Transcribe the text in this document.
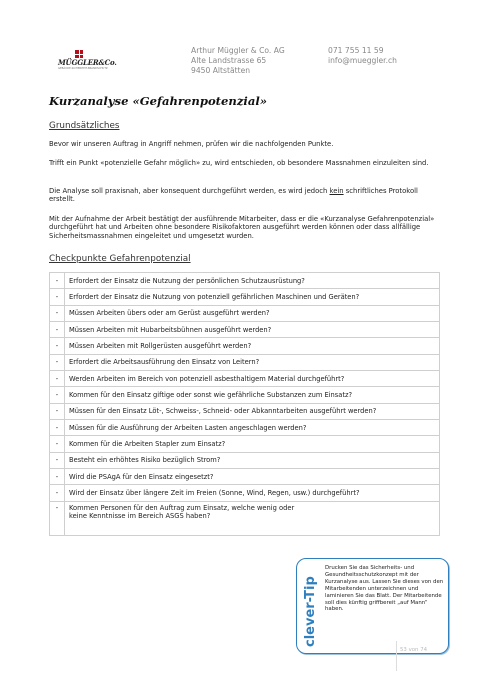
MÜGGLER&Co.
GEBÄUDE-SICHERHEIT-BRANDSCHUTZ
Arthur Müggler & Co. AG
Alte Landstrasse 65
9450 Altstätten
071 755 11 59
info@mueggler.ch
Kurzanalyse «Gefahrenpotenzial»
Grundsätzliches
Bevor wir unseren Auftrag in Angriff nehmen, prüfen wir die nachfolgenden Punkte.
Trifft ein Punkt «potenzielle Gefahr möglich» zu, wird entschieden, ob besondere Massnahmen einzuleiten sind.
Die Analyse soll praxisnah, aber konsequent durchgeführt werden, es wird jedoch kein schriftliches Protokoll erstellt.
Mit der Aufnahme der Arbeit bestätigt der ausführende Mitarbeiter, dass er die «Kurzanalyse Gefahrenpotenzial» durchgeführt hat und Arbeiten ohne besondere Risikofaktoren ausgeführt werden können oder dass allfällige Sicherheitsmassnahmen eingeleitet und umgesetzt wurden.
Checkpunkte Gefahrenpotenzial
-	Erfordert der Einsatz die Nutzung der persönlichen Schutzausrüstung?
-	Erfordert der Einsatz die Nutzung von potenziell gefährlichen Maschinen und Geräten?
-	Müssen Arbeiten übers oder am Gerüst ausgeführt werden?
-	Müssen Arbeiten mit Hubarbeitsbühnen ausgeführt werden?
-	Müssen Arbeiten mit Rollgerüsten ausgeführt werden?
-	Erfordert die Arbeitsausführung den Einsatz von Leitern?
-	Werden Arbeiten im Bereich von potenziell asbesthaltigem Material durchgeführt?
-	Kommen für den Einsatz giftige oder sonst wie gefährliche Substanzen zum Einsatz?
-	Müssen für den Einsatz Löt-, Schweiss-, Schneid- oder Abkanntarbeiten ausgeführt werden?
-	Müssen für die Ausführung der Arbeiten Lasten angeschlagen werden?
-	Kommen für die Arbeiten Stapler zum Einsatz?
-	Besteht ein erhöhtes Risiko bezüglich Strom?
-	Wird die PSAgA für den Einsatz eingesetzt?
-	Wird der Einsatz über längere Zeit im Freien (Sonne, Wind, Regen, usw.) durchgeführt?
-	Kommen Personen für den Auftrag zum Einsatz, welche wenig oder keine Kenntnisse im Bereich ASGS haben?
clever-Tip
Drucken Sie das Sicherheits- und Gesundheitsschutzkonzept mit der Kurzanalyse aus. Lassen Sie dieses von den Mitarbeitenden unterzeichnen und laminieren Sie das Blatt. Der Mitarbeitende soll dies künftig griffbereit „auf Mann“ haben.
53 von 74
